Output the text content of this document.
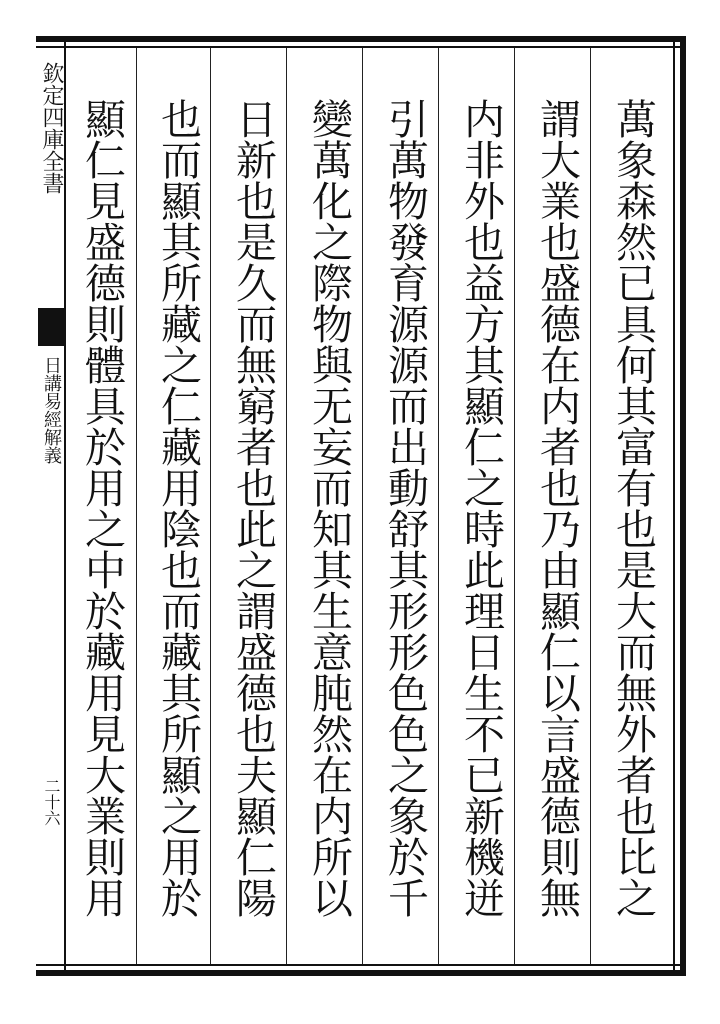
欽定四庫全書
日講易經解義
二十六	萬象森然已具何其富有也是大而無外者也比之
謂大業也盛德在内者也乃由顯仁以言盛德則無
内非外也益方其顯仁之時此理日生不已新機迸
引萬物發育源源而出動舒其形形色色之象於千
變萬化之際物與无妄而知其生意肫然在内所以
日新也是久而無窮者也此之謂盛德也夫顯仁陽
也而顯其所藏之仁藏用陰也而藏其所顯之用於
顯仁見盛德則體具於用之中於藏用見大業則用
